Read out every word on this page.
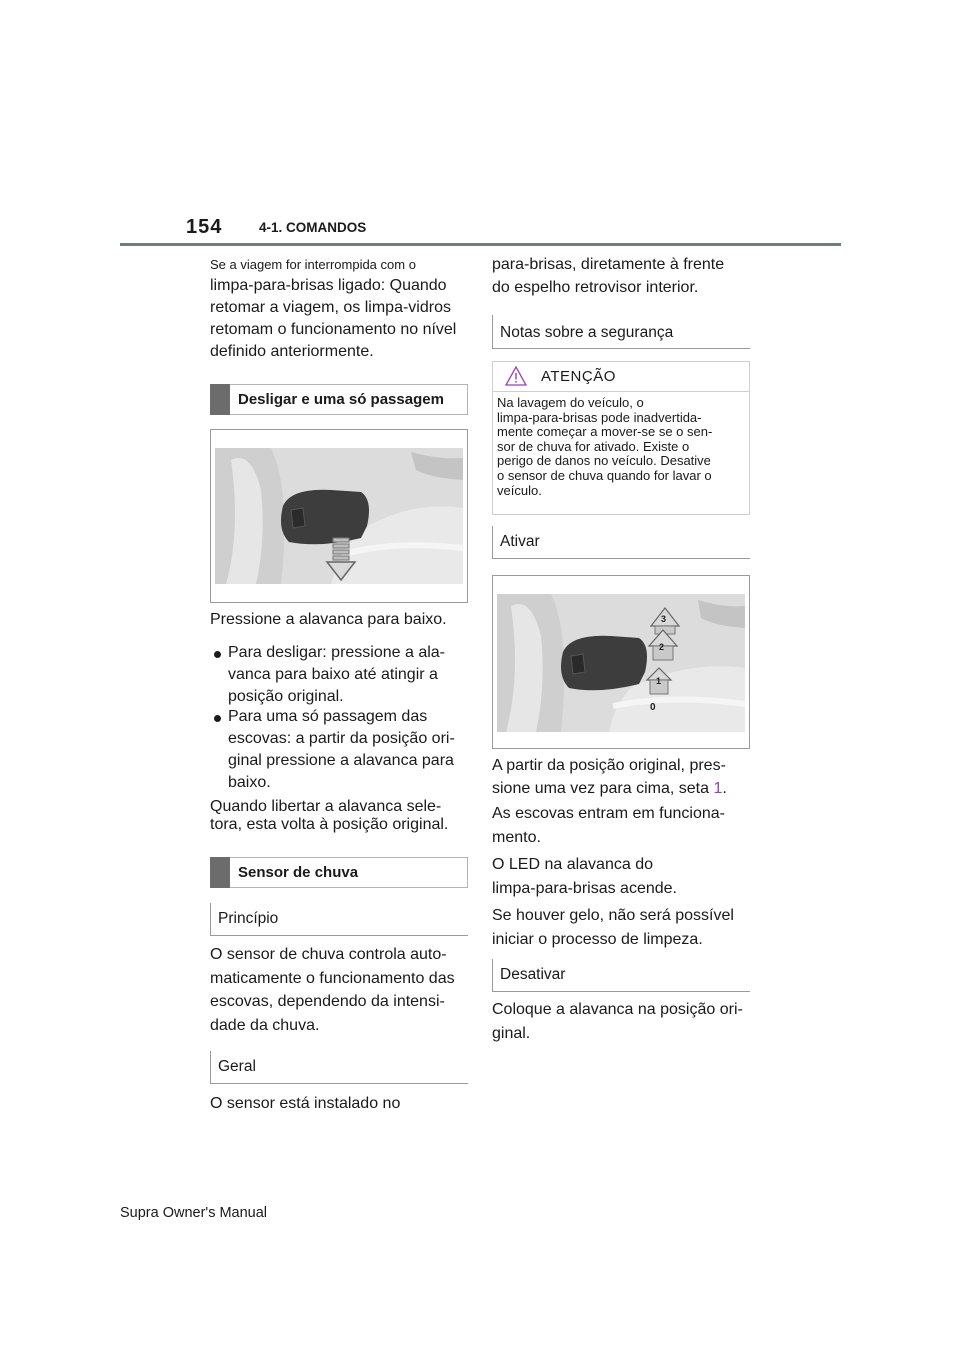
154	4-1. COMANDOS
Se a viagem for interrompida com o

limpa-para-brisas ligado: Quando

retomar a viagem, os limpa-vidros

retomam o funcionamento no nível

definido anteriormente.

Desligar e uma só passagem
Pressione a alavanca para baixo.

Para desligar: pressione a ala-

vanca para baixo até atingir a

posição original.

Para uma só passagem das

escovas: a partir da posição ori-

ginal pressione a alavanca para

baixo.

Quando libertar a alavanca sele-

tora, esta volta à posição original.

Sensor de chuva
Princípio

O sensor de chuva controla auto-

maticamente o funcionamento das

escovas, dependendo da intensi-

dade da chuva.

Geral
O sensor está instalado no

para-brisas, diretamente à frente

do espelho retrovisor interior.

Notas sobre a segurança
ATENÇÃO
Na lavagem do veículo, o
limpa-para-brisas pode inadvertida-
mente começar a mover-se se o sen-
sor de chuva for ativado. Existe o
perigo de danos no veículo. Desative
o sensor de chuva quando for lavar o
veículo.
Ativar
3
2
1
0
A partir da posição original, pres-
sione uma vez para cima, seta 1.

As escovas entram em funciona-

mento.

O LED na alavanca do

limpa-para-brisas acende.

Se houver gelo, não será possível

iniciar o processo de limpeza.

Desativar

Coloque a alavanca na posição ori-

ginal.

Supra Owner's Manual
